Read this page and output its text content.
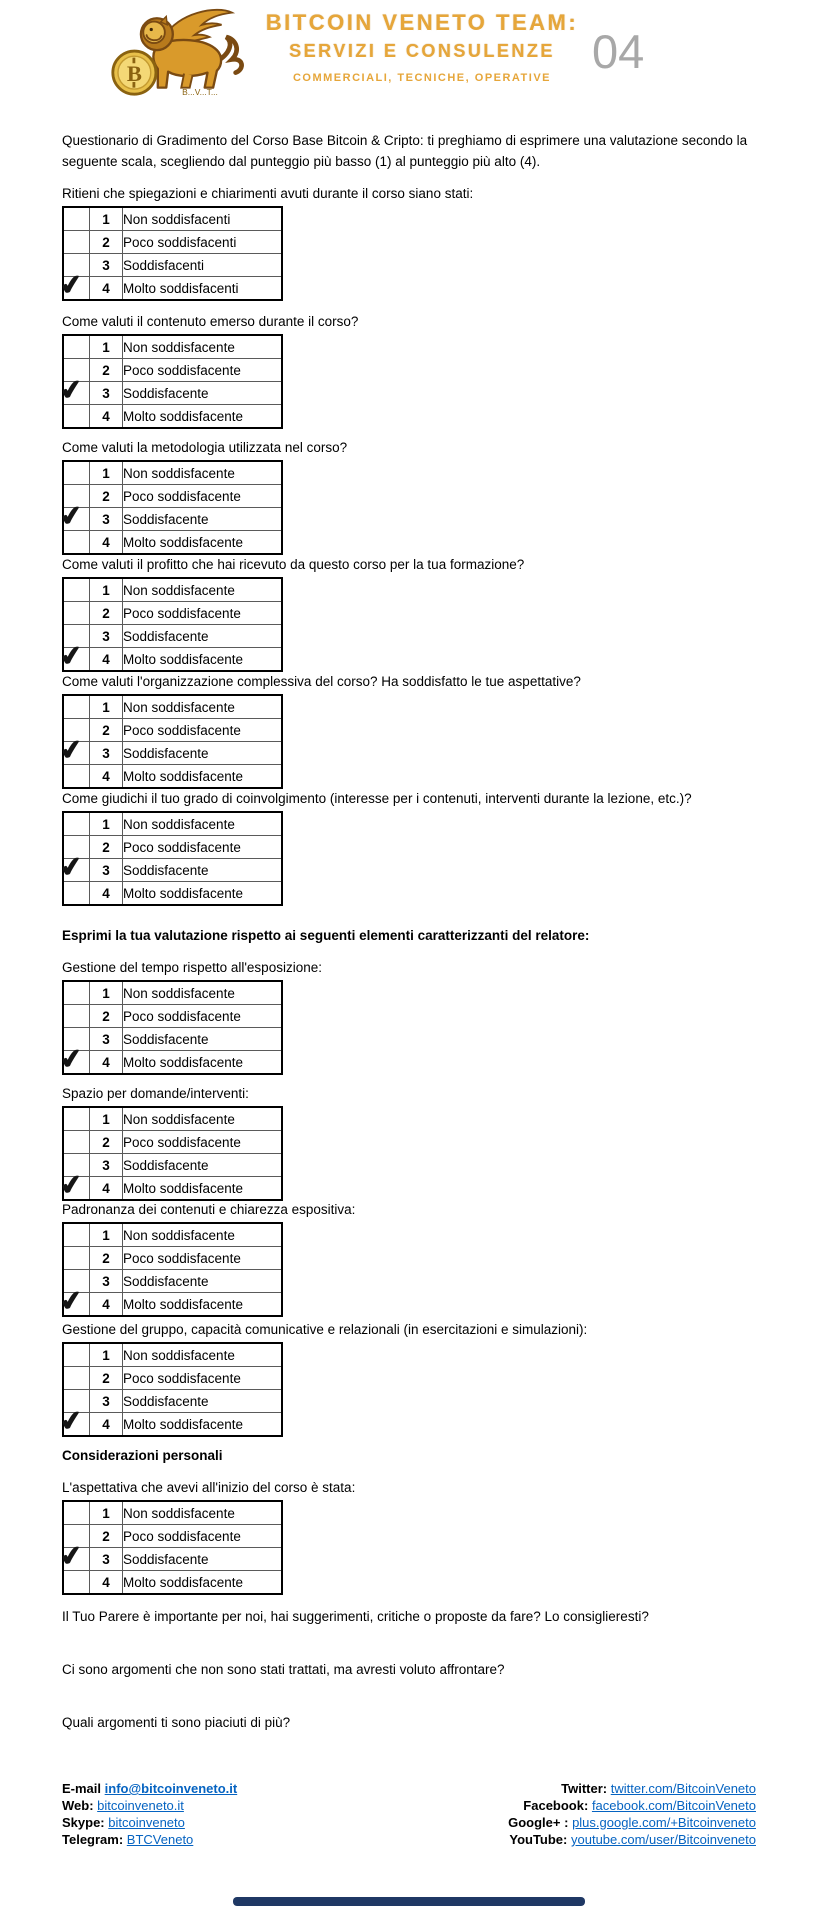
B
B...V...T...
BITCOIN VENETO TEAM:
SERVIZI E CONSULENZE
COMMERCIALI, TECNICHE, OPERATIVE 04

Questionario di Gradimento del Corso Base Bitcoin & Cripto: ti preghiamo di esprimere una valutazione secondo la seguente scala, scegliendo dal punteggio più basso (1) al punteggio più alto (4).

E-mail info@bitcoinveneto.it
Web: bitcoinveneto.it
Skype: bitcoinveneto
Telegram: BTCVeneto
Twitter: twitter.com/BitcoinVeneto
Facebook: facebook.com/BitcoinVeneto
Google+ : plus.google.com/+Bitcoinveneto
YouTube: youtube.com/user/Bitcoinveneto

Ritieni che spiegazioni e chiarimenti avuti durante il corso siano stati:

	1	Non soddisfacenti
	2	Poco soddisfacenti
	3	Soddisfacenti

✔	4	Molto soddisfacenti

Come valuti il contenuto emerso durante il corso?

	1	Non soddisfacente
	2	Poco soddisfacente

✔	3	Soddisfacente
	4	Molto soddisfacente

Come valuti la metodologia utilizzata nel corso?

	1	Non soddisfacente
	2	Poco soddisfacente

✔	3	Soddisfacente
	4	Molto soddisfacente

Come valuti il profitto che hai ricevuto da questo corso per la tua formazione?

	1	Non soddisfacente
	2	Poco soddisfacente
	3	Soddisfacente

✔	4	Molto soddisfacente

Come valuti l'organizzazione complessiva del corso? Ha soddisfatto le tue aspettative?

	1	Non soddisfacente
	2	Poco soddisfacente

✔	3	Soddisfacente
	4	Molto soddisfacente

Come giudichi il tuo grado di coinvolgimento (interesse per i contenuti, interventi durante la lezione, etc.)?

	1	Non soddisfacente
	2	Poco soddisfacente

✔	3	Soddisfacente
	4	Molto soddisfacente

Esprimi la tua valutazione rispetto ai seguenti elementi caratterizzanti del relatore:

Gestione del tempo rispetto all'esposizione:

	1	Non soddisfacente
	2	Poco soddisfacente
	3	Soddisfacente

✔	4	Molto soddisfacente

Spazio per domande/interventi:

	1	Non soddisfacente
	2	Poco soddisfacente
	3	Soddisfacente

✔	4	Molto soddisfacente

Padronanza dei contenuti e chiarezza espositiva:

	1	Non soddisfacente
	2	Poco soddisfacente
	3	Soddisfacente

✔	4	Molto soddisfacente

Gestione del gruppo, capacità comunicative e relazionali (in esercitazioni e simulazioni):

	1	Non soddisfacente
	2	Poco soddisfacente
	3	Soddisfacente

✔	4	Molto soddisfacente

Considerazioni personali

L'aspettativa che avevi all'inizio del corso è stata:

	1	Non soddisfacente
	2	Poco soddisfacente

✔	3	Soddisfacente
	4	Molto soddisfacente

Il Tuo Parere è importante per noi, hai suggerimenti, critiche o proposte da fare? Lo consiglieresti?

Ci sono argomenti che non sono stati trattati, ma avresti voluto affrontare?

Quali argomenti ti sono piaciuti di più?
